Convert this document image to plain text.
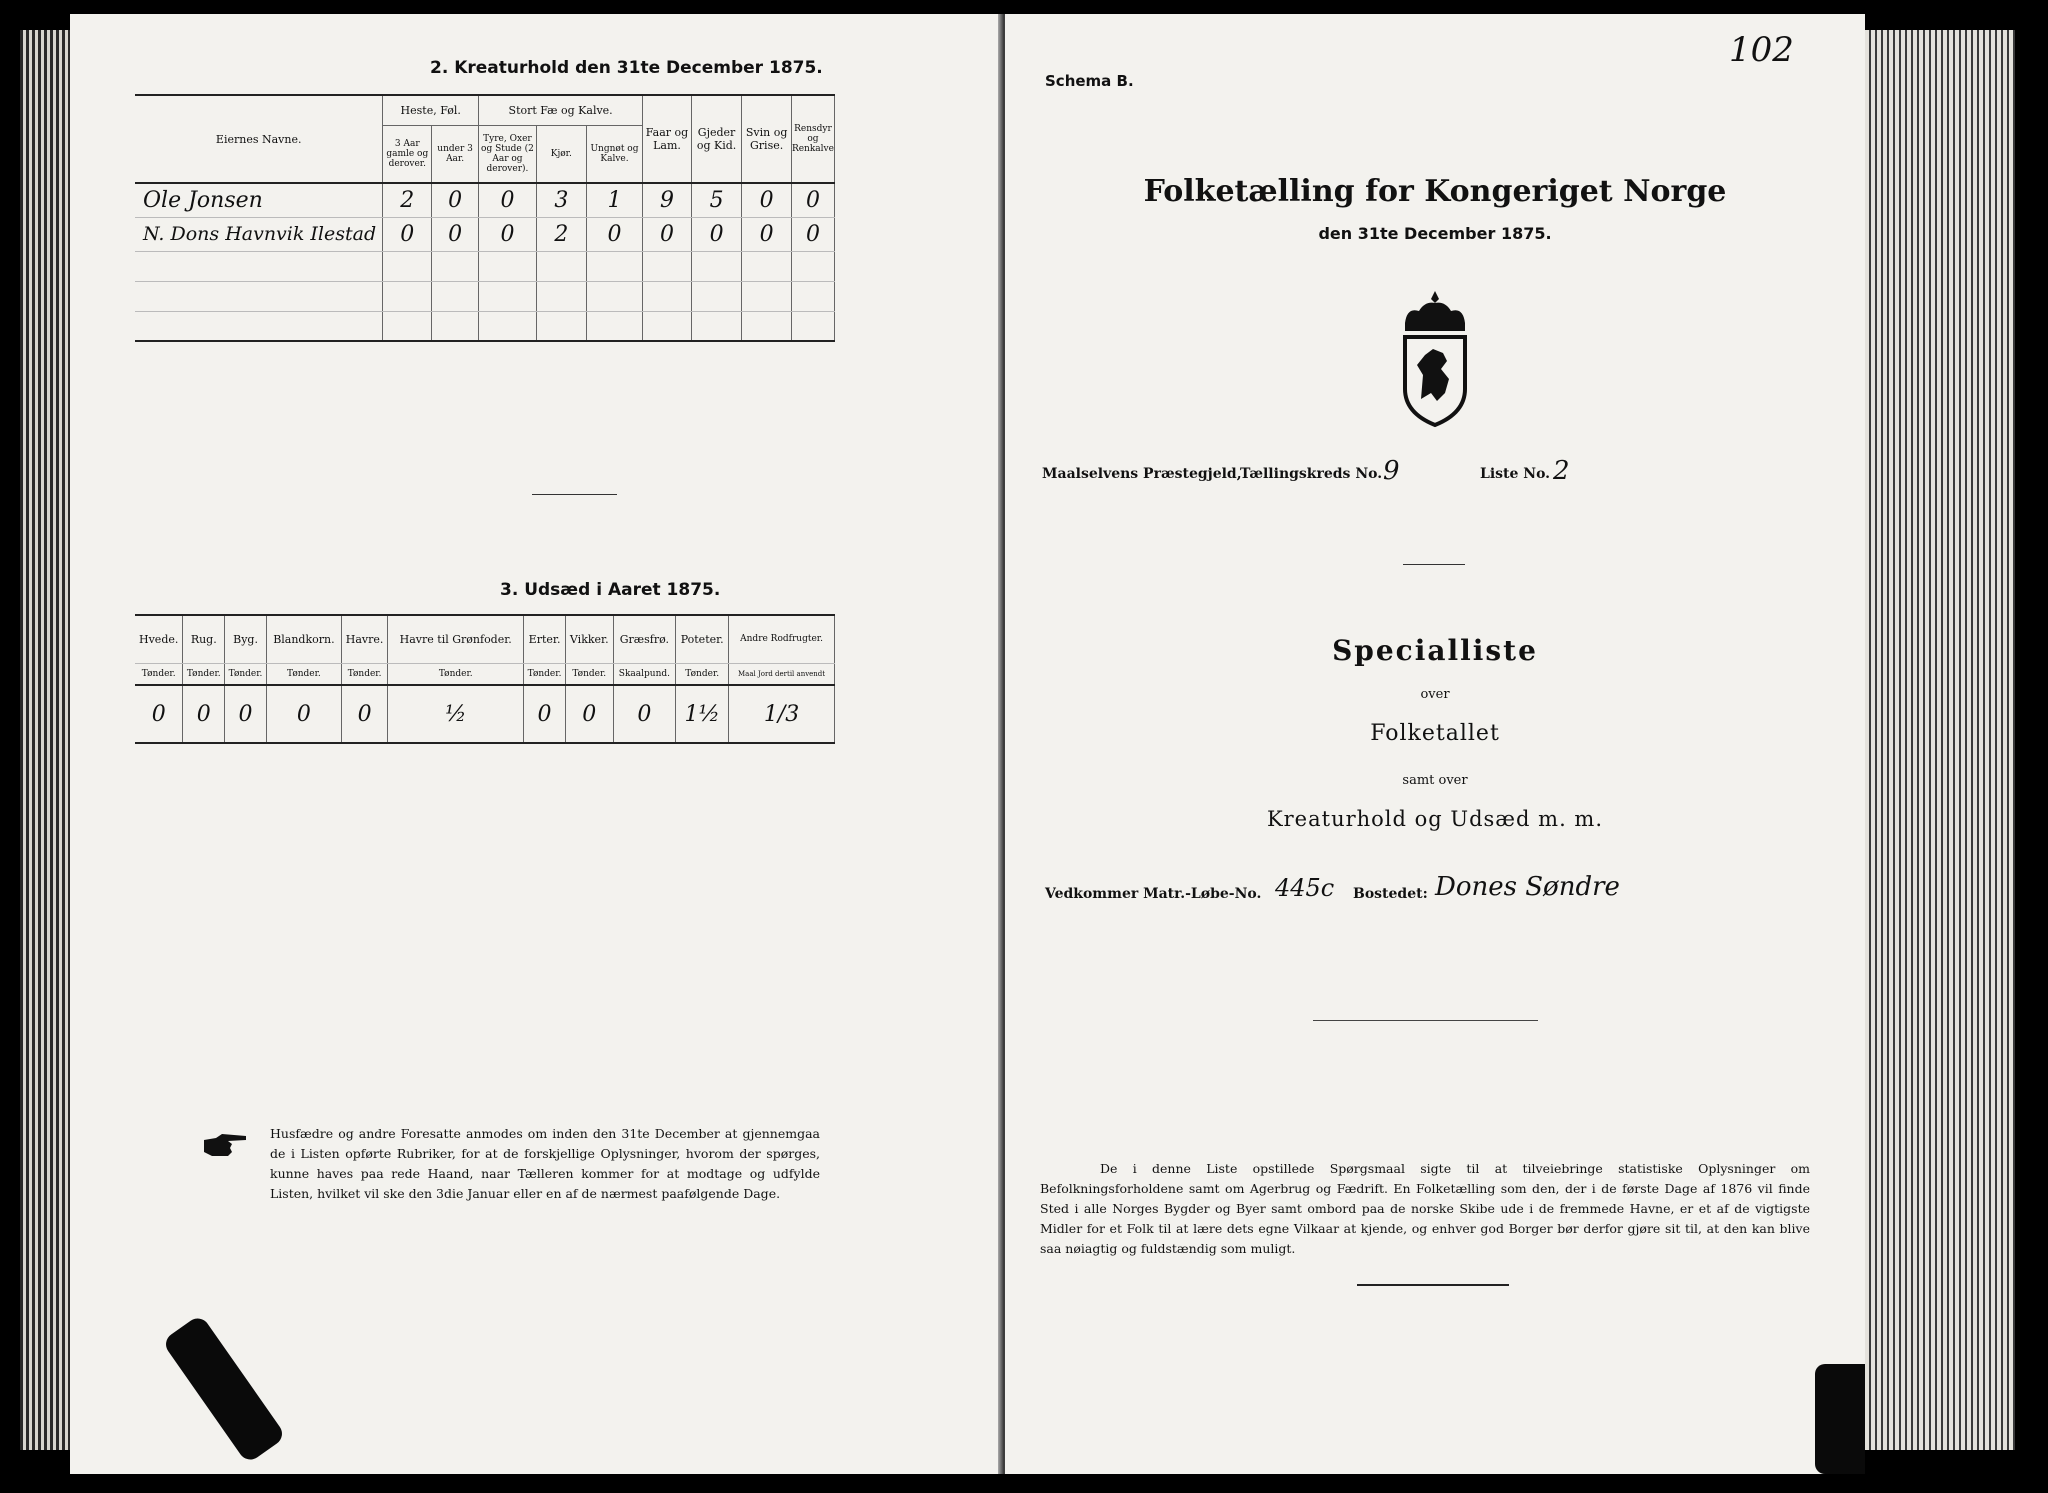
2. Kreaturhold den 31te December 1875.
Eiernes Navne.	Heste, Føl.		Stort Fæ og Kalve.			Faar og Lam.	Gjeder og Kid.	Svin og Grise.	Rensdyr og Renkalve
	3 Aar gamle og derover.	under 3 Aar.	Tyre, Oxer og Stude (2 Aar og derover).	Kjør.	Ungnøt og Kalve.				
Ole Jonsen	2	0	0	3	1	9	5	0	0
N. Dons Havnvik Ilestad	0	0	0	2	0	0	0	0	0

3. Udsæd i Aaret 1875.
Hvede.	Rug.	Byg.	Blandkorn.	Havre.	Havre til Grønfoder.	Erter.	Vikker.	Græsfrø.	Poteter.	Andre Rodfrugter.
Tønder.	Tønder.	Tønder.	Tønder.	Tønder.	Tønder.	Tønder.	Tønder.	Skaalpund.	Tønder.	Maal Jord dertil anvendt
0	0	0	0	0	½	0	0	0	1½	1/3
Husfædre og andre Foresatte anmodes om inden den 31te December at gjennemgaa de i Listen opførte Rubriker, for at de forskjellige Oplysninger, hvorom der spørges, kunne haves paa rede Haand, naar Tælleren kommer for at modtage og udfylde Listen, hvilket vil ske den 3die Januar eller en af de nærmest paafølgende Dage.
102
Schema B.
Folketælling for Kongeriget Norge
den 31te December 1875.
Maalselvens Præstegjeld,
Tællingskreds No. 9	Liste No. 2
Specialliste
over
Folketallet
samt over
Kreaturhold og Udsæd m. m.
Vedkommer Matr.-Løbe-No. 445c Bostedet: Dones Søndre
De i denne Liste opstillede Spørgsmaal sigte til at tilveiebringe statistiske Oplysninger om Befolkningsforholdene samt om Agerbrug og Fædrift. En Folketælling som den, der i de første Dage af 1876 vil finde Sted i alle Norges Bygder og Byer samt ombord paa de norske Skibe ude i de fremmede Havne, er et af de vigtigste Midler for et Folk til at lære dets egne Vilkaar at kjende, og enhver god Borger bør derfor gjøre sit til, at den kan blive saa nøiagtig og fuldstændig som muligt.
